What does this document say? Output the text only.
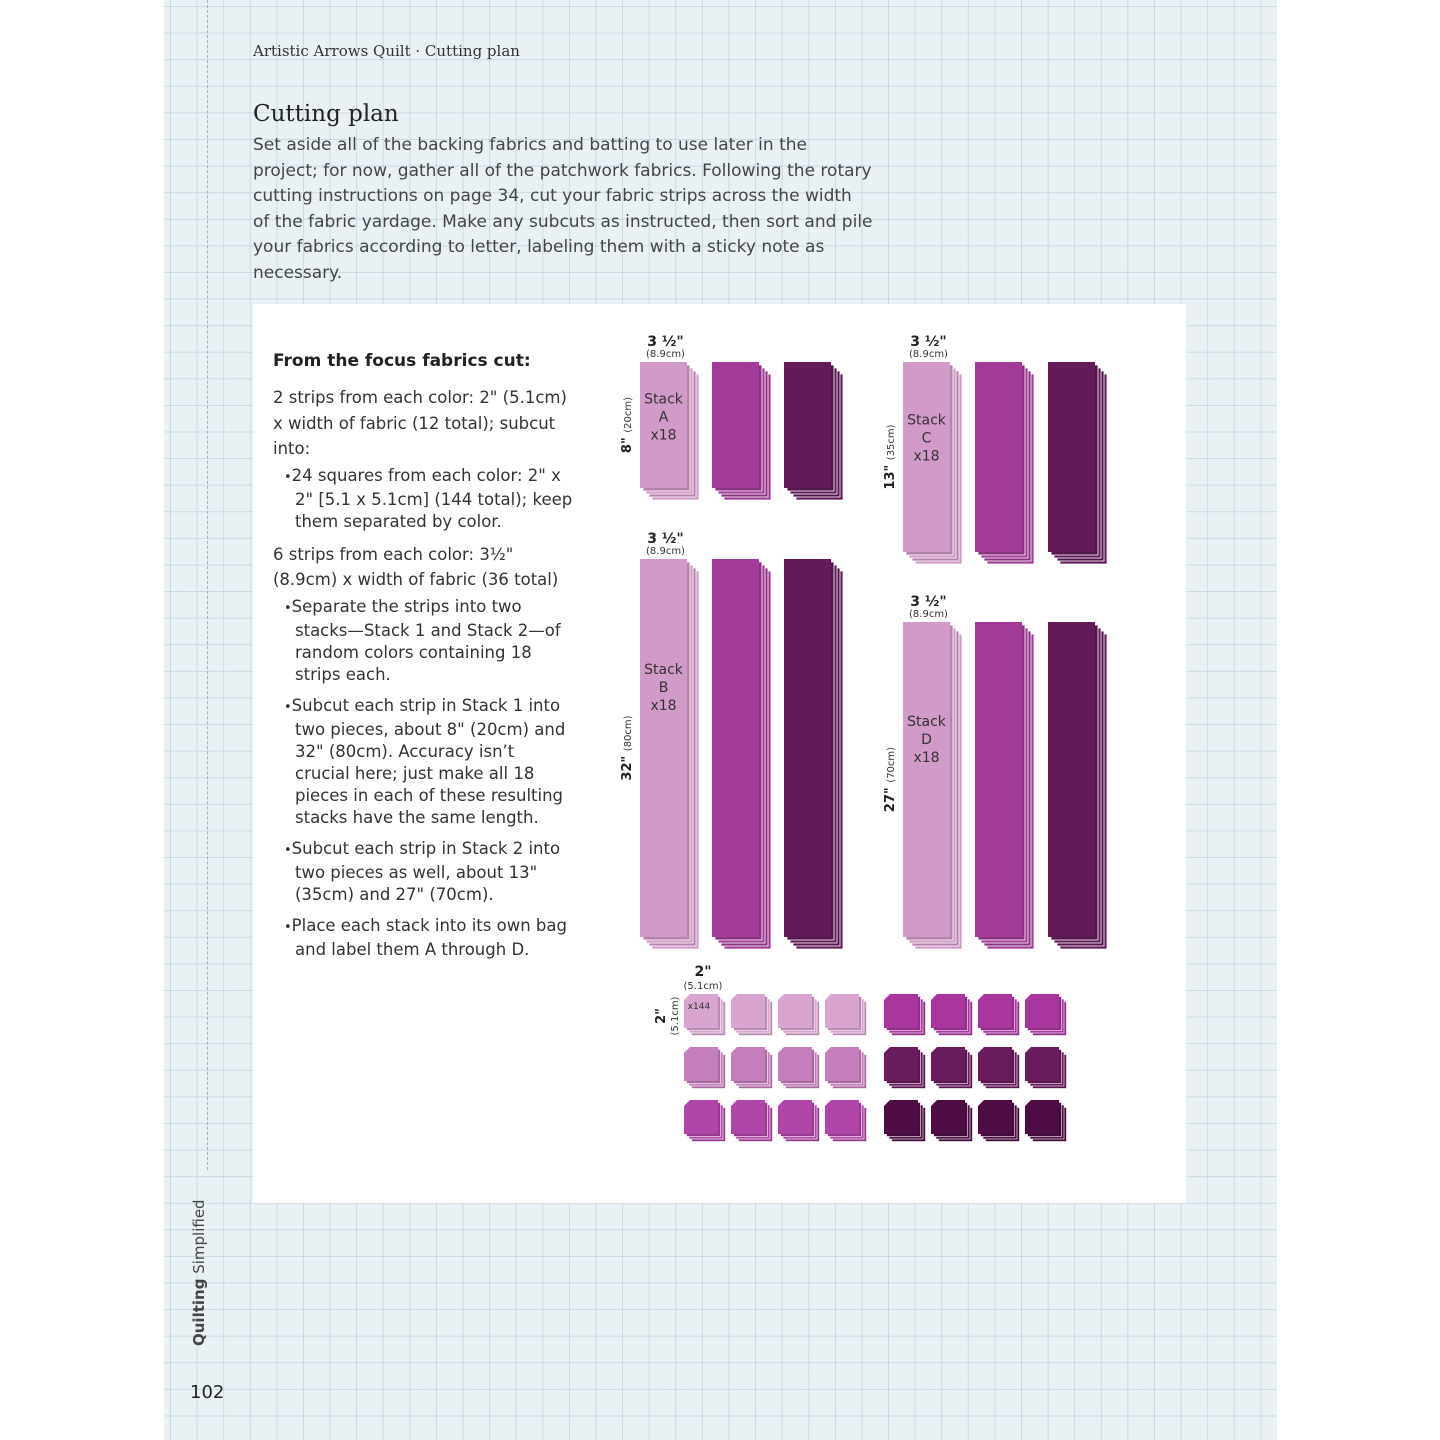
Artistic Arrows Quilt · Cutting plan
Cutting plan

Set aside all of the backing fabrics and batting to use later in the project; for now, gather all of the patchwork fabrics. Following the rotary cutting instructions on page 34, cut your fabric strips across the width of the fabric yardage. Make any subcuts as instructed, then sort and pile your fabrics according to letter, labeling them with a sticky note as necessary.

From the focus fabrics cut:

2 strips from each color: 2" (5.1cm) x width of fabric (12 total); subcut into:

• 24 squares from each color: 2" x 2" [5.1 x 5.1cm] (144 total); keep them separated by color.

6 strips from each color: 3½" (8.9cm) x width of fabric (36 total)

• Separate the strips into two stacks—Stack 1 and Stack 2—of random colors containing 18 strips each.
• Subcut each strip in Stack 1 into two pieces, about 8" (20cm) and 32" (80cm). Accuracy isn’t crucial here; just make all 18 pieces in each of these resulting stacks have the same length.
• Subcut each strip in Stack 2 into two pieces as well, about 13" (35cm) and 27" (70cm).
• Place each stack into its own bag and label them A through D.
Stack
A
x18
3 ½"
(8.9cm)
8" (20cm)
Stack
B
x18
3 ½"
(8.9cm)
32" (80cm)
Stack
C
x18
3 ½"
(8.9cm)
13" (35cm)
Stack
D
x18
3 ½"
(8.9cm)
27" (70cm)
2"
(5.1cm)
x144
2" (5.1cm)
Quilting Simplified
102
